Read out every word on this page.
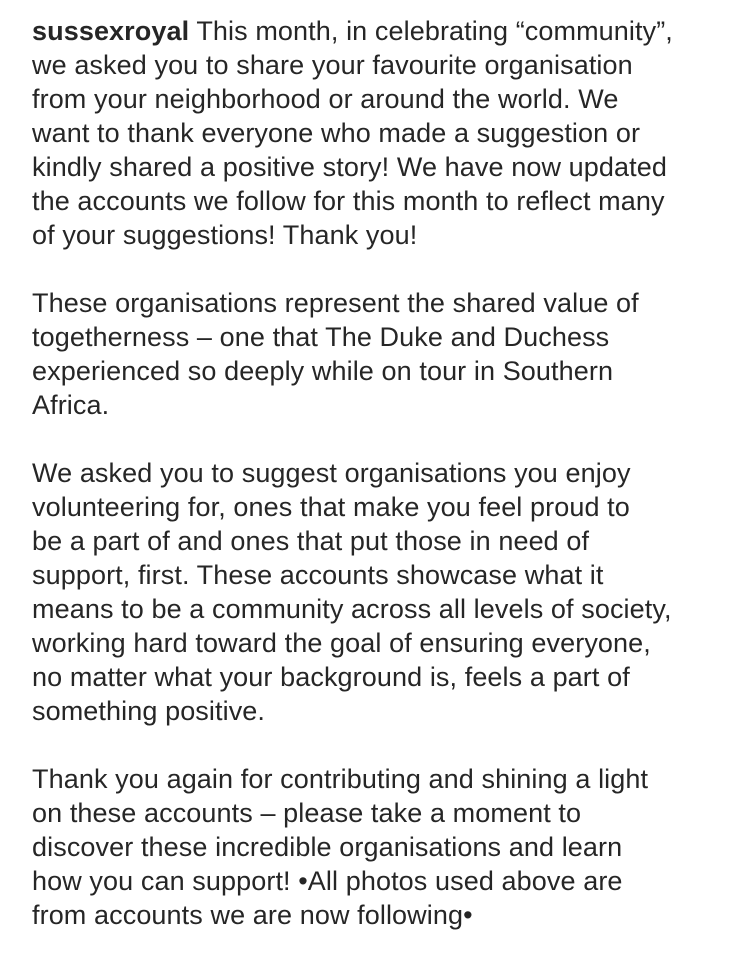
sussexroyal This month, in celebrating “community”,
we asked you to share your favourite organisation
from your neighborhood or around the world. We
want to thank everyone who made a suggestion or
kindly shared a positive story! We have now updated
the accounts we follow for this month to reflect many
of your suggestions! Thank you!

These organisations represent the shared value of
togetherness – one that The Duke and Duchess
experienced so deeply while on tour in Southern
Africa.

We asked you to suggest organisations you enjoy
volunteering for, ones that make you feel proud to
be a part of and ones that put those in need of
support, first. These accounts showcase what it
means to be a community across all levels of society,
working hard toward the goal of ensuring everyone,
no matter what your background is, feels a part of
something positive.

Thank you again for contributing and shining a light
on these accounts – please take a moment to
discover these incredible organisations and learn
how you can support! •All photos used above are
from accounts we are now following•
